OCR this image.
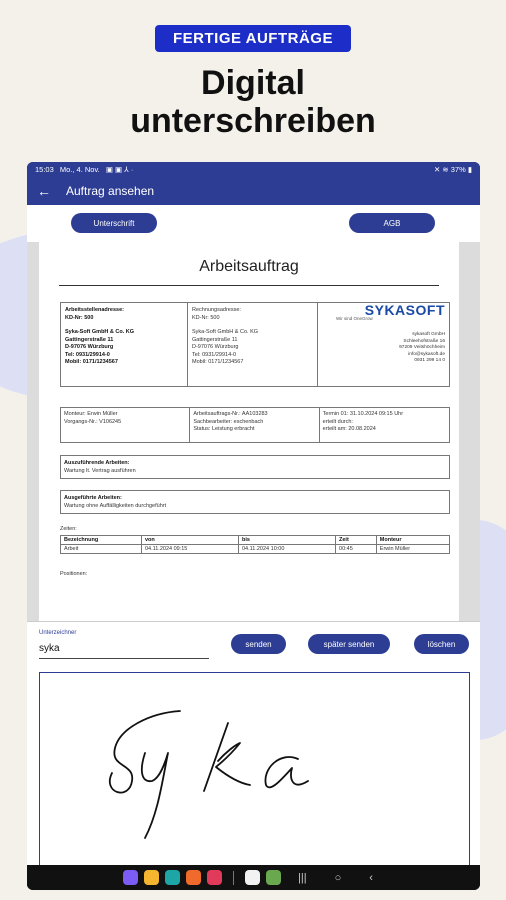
FERTIGE AUFTRÄGE
Digital
unterschreiben
15:03 Mo., 4. Nov. ▣ ▣ ⅄ ·	✕ ≋ 37% ▮
← Auftrag ansehen
Unterschrift	AGB
Arbeitsauftrag
Arbeitsstellenadresse:
KD-Nr: 500
Syka-Soft GmbH & Co. KG
Gattingerstraße 11
D-97076 Würzburg
Tel: 0931/29914-0
Mobil: 0171/1234567
Rechnungsadresse:
KD-Nr: 500
Syka-Soft GmbH & Co. KG
Gattingerstraße 11
D-97076 Würzburg
Tel: 0931/29914-0
Mobil: 0171/1234567
SYKASOFT
Wir sind OneGrow
sykasoft GmbH
Schleehofstraße 16
97209 Veitshöchheim
info@sykasoft.de
0931 299 14 0
Monteur: Erwin Müller
Vorgangs-Nr.: V106245
Arbeitsauftrags-Nr.: AA103283
Sachbearbeiter: eschenbach
Status: Leistung erbracht
Termin 01: 31.10.2024 09:15 Uhr
erteilt durch:
erteilt am: 20.08.2024
Auszuführende Arbeiten:
Wartung lt. Vertrag ausführen
Ausgeführte Arbeiten:
Wartung ohne Auffälligkeiten durchgeführt
Zeiten:
Bezeichnung	von	bis	Zeit	Monteur
Arbeit	04.11.2024 09:15	04.11.2024 10:00	00:45	Erwin Müller
Positionen:
Unterzeichner
syka	senden	später senden	löschen
|||	○	‹
